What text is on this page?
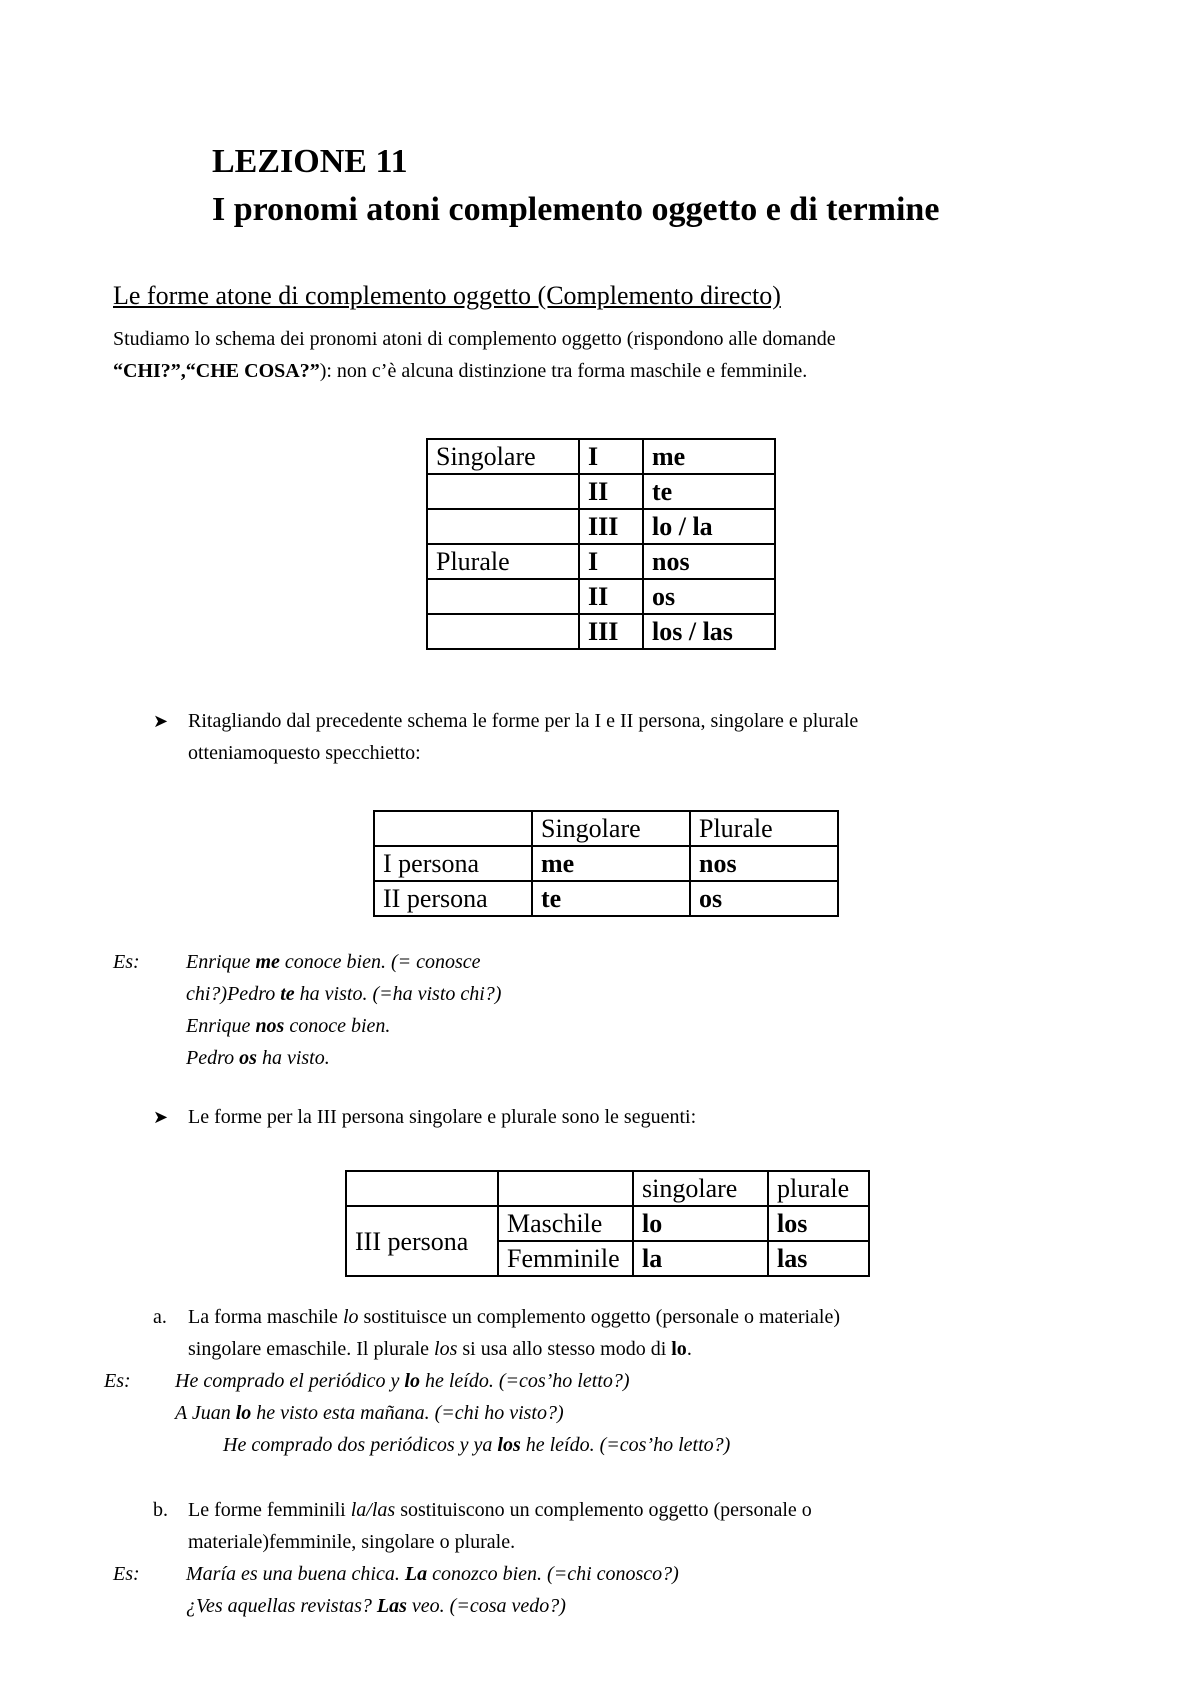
LEZIONE 11
I pronomi atoni complemento oggetto e di termine
Le forme atone di complemento oggetto (Complemento directo)
Studiamo lo schema dei pronomi atoni di complemento oggetto (rispondono alle domande
“CHI?”,“CHE COSA?”): non c’è alcuna distinzione tra forma maschile e femminile.
Singolare	I	me
	II	te
	III	lo / la
Plurale	I	nos
	II	os
	III	los / las
➤ Ritagliando dal precedente schema le forme per la I e II persona, singolare e plurale
otteniamoquesto specchietto:
	Singolare	Plurale
I persona	me	nos
II persona	te	os
Es: Enrique me conoce bien. (= conosce
chi?)Pedro te ha visto. (=ha visto chi?)
Enrique nos conoce bien.
Pedro os ha visto.
➤ Le forme per la III persona singolare e plurale sono le seguenti:
		singolare	plurale
III persona	Maschile	lo	los
	Femminile	la	las
a. La forma maschile lo sostituisce un complemento oggetto (personale o materiale)
singolare emaschile. Il plurale los si usa allo stesso modo di lo.
Es: He comprado el periódico y lo he leído. (=cos’ho letto?)
A Juan lo he visto esta mañana. (=chi ho visto?)
He comprado dos periódicos y ya los he leído. (=cos’ho letto?)
b. Le forme femminili la/las sostituiscono un complemento oggetto (personale o
materiale)femminile, singolare o plurale.
Es: María es una buena chica. La conozco bien. (=chi conosco?)
¿Ves aquellas revistas? Las veo. (=cosa vedo?)
